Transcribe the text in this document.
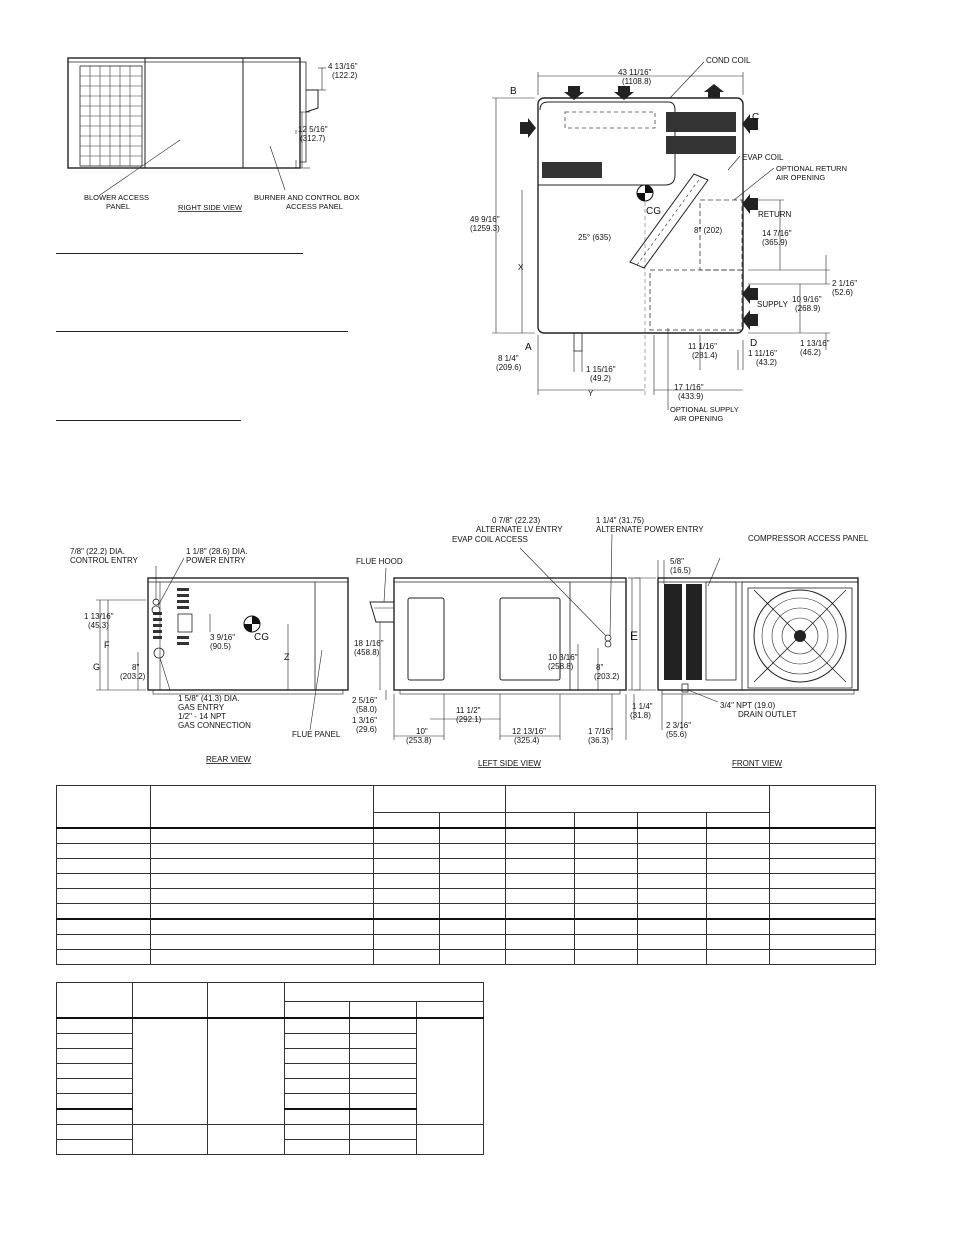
4 13/16"
(122.2)
12 5/16"
(312.7)
BLOWER ACCESS
PANEL	RIGHT SIDE VIEW
BURNER AND CONTROL BOX
ACCESS PANEL
B
C
A	D
CG
X
Y
COND COIL
43 11/16"
(1108.8)
49 9/16"
(1259.3)
EVAP COIL
OPTIONAL RETURN
AIR OPENING
RETURN
14 7/16"
(365.9)
25° (635)
8" (202)
2 1/16"
(52.6)
SUPPLY
10 9/16"
(268.9)
1 13/16"
(46.2)
1 11/16"
(43.2)
11 1/16"
(281.4)
8 1/4"
(209.6)	1 15/16"
(49.2)
17 1/16"
(433.9)
OPTIONAL SUPPLY
AIR OPENING
7/8" (22.2) DIA.
CONTROL ENTRY
1 1/8" (28.6) DIA.
POWER ENTRY
1 13/16"
(45.3)
F
G
3 9/16"
(90.5)
CG
Z
8"
(203.2)
1 5/8" (41.3) DIA.
GAS ENTRY
1/2" - 14 NPT
GAS CONNECTION
FLUE PANEL
REAR VIEW
0 7/8" (22.23)
ALTERNATE LV ENTRY
1 1/4" (31.75)
ALTERNATE POWER ENTRY
EVAP COIL ACCESS
FLUE HOOD
18 1/16"
(458.8)
10 3/16"
(258.8)	8"
(203.2)
E
2 5/16"
(58.0)
1 3/16"
(29.6)
11 1/2"
(292.1)
10"
(253.8)
12 13/16"
(325.4)
1 7/16"
(36.3)
LEFT SIDE VIEW
COMPRESSOR ACCESS PANEL
5/8"
(16.5)
1 1/4"
(31.8)
2 3/16"
(55.6)
3/4" NPT (19.0)
DRAIN OUTLET
FRONT VIEW
